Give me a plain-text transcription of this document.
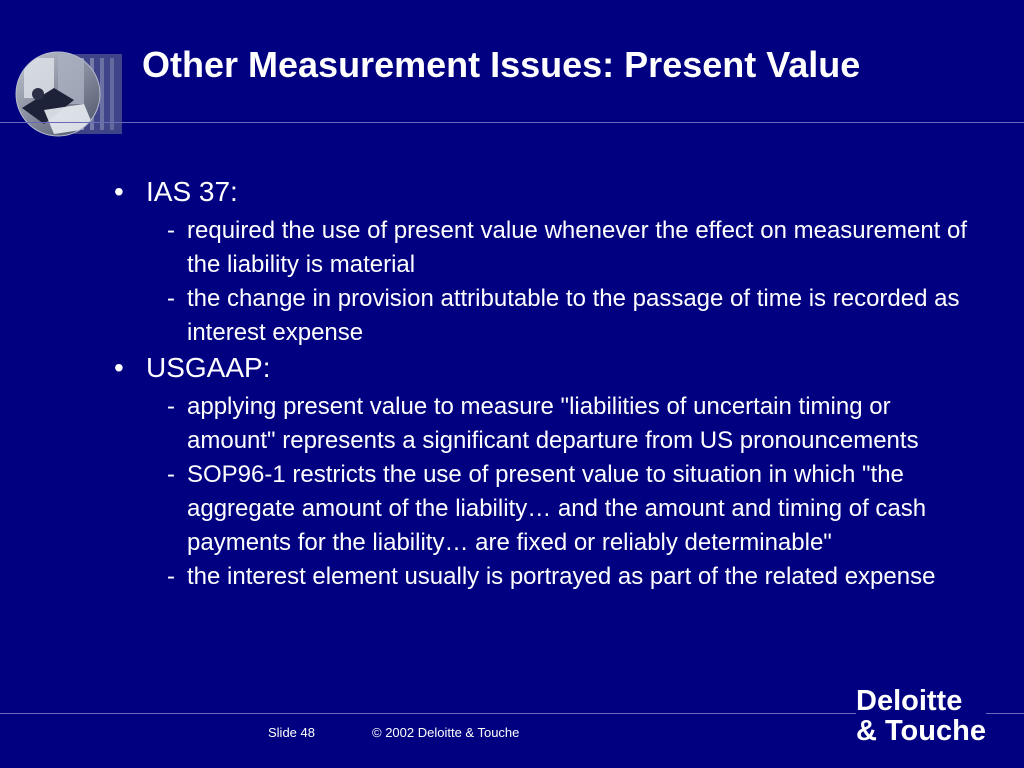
Other Measurement Issues: Present Value
• IAS 37:
- required the use of present value whenever the effect on measurement of the liability is material
- the change in provision attributable to the passage of time is recorded as interest expense
• USGAAP:
- applying present value to measure "liabilities of uncertain timing or amount" represents a significant departure from US pronouncements
- SOP96-1 restricts the use of present value to situation in which "the aggregate amount of the liability… and the amount and timing of cash payments for the liability… are fixed or reliably determinable"
- the interest element usually is portrayed as part of the related expense
Slide 48	© 2002 Deloitte & Touche
Deloitte
& Touche
